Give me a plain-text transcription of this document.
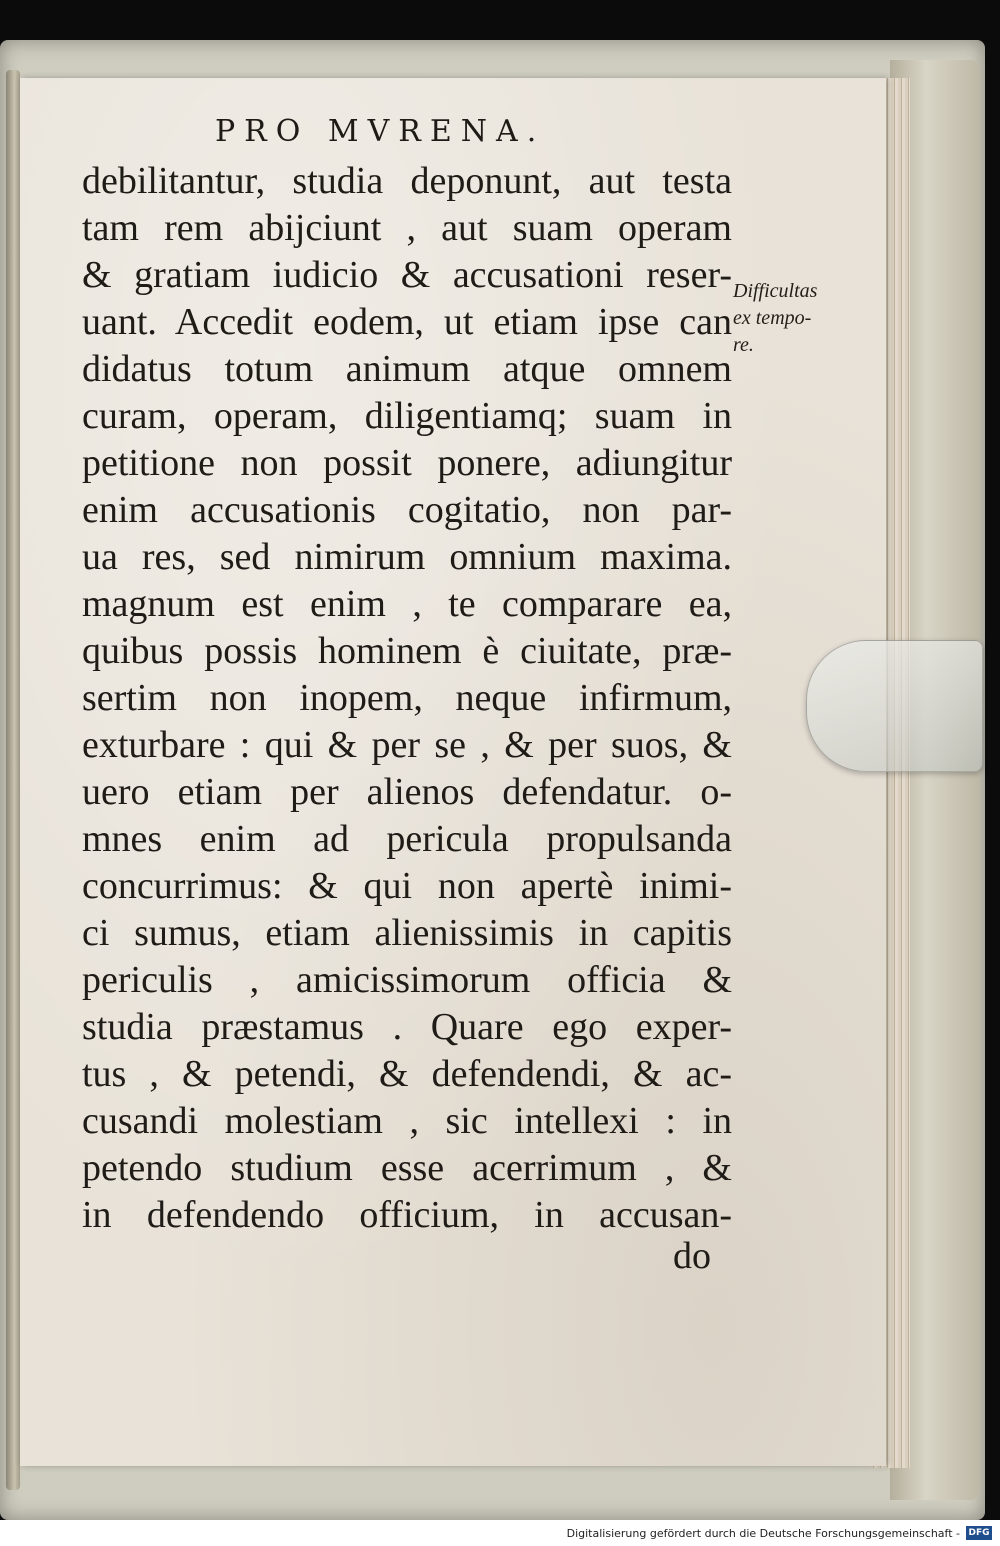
PRO MVRENA.
debilitantur, studia deponunt, aut testa
tam rem abijciunt , aut suam operam
& gratiam iudicio & accusationi reser-
uant. Accedit eodem, ut etiam ipse can
didatus totum animum atque omnem
curam, operam, diligentiamq; suam in
petitione non possit ponere, adiungitur
enim accusationis cogitatio, non par-
ua res, sed nimirum omnium maxima.
magnum est enim , te comparare ea,
quibus possis hominem è ciuitate, præ-
sertim non inopem, neque infirmum,
exturbare : qui & per se , & per suos, &
uero etiam per alienos defendatur. o-
mnes enim ad pericula propulsanda
concurrimus: & qui non apertè inimi-
ci sumus, etiam alienissimis in capitis
periculis , amicissimorum officia &
studia præstamus . Quare ego exper-
tus , & petendi, & defendendi, & ac-
cusandi molestiam , sic intellexi : in
petendo studium esse acerrimum , &
in defendendo officium, in accusan-
do
Difficultas
ex tempo-
re.
Digitalisierung gefördert durch die Deutsche Forschungsgemeinschaft - DFG
